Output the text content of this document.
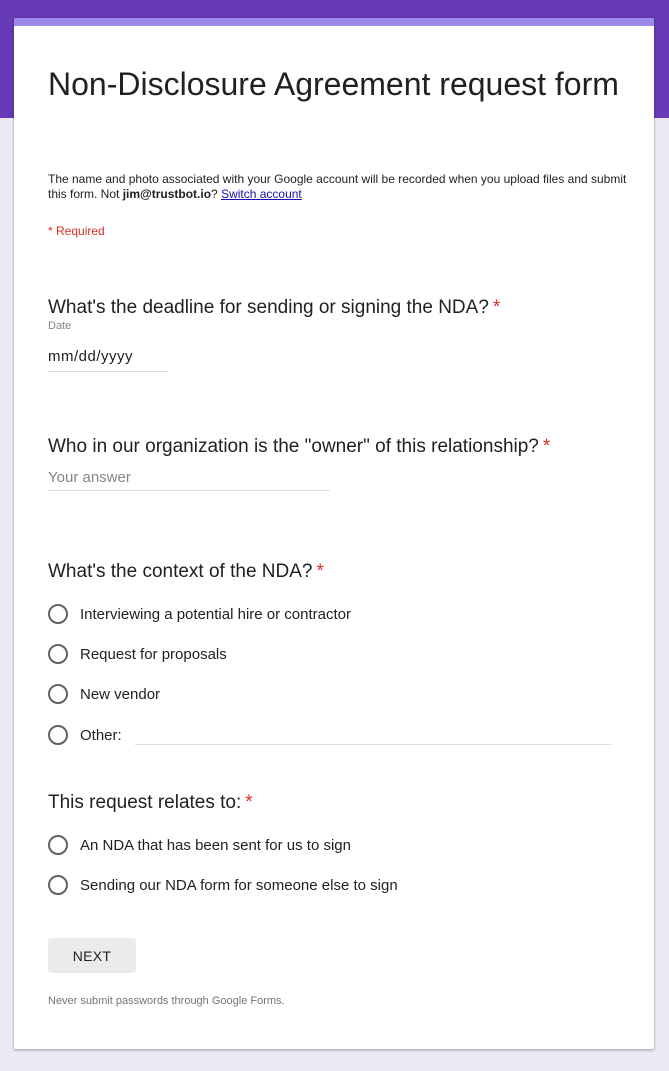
Non-Disclosure Agreement request form
The name and photo associated with your Google account will be recorded when you upload files and submit this form. Not jim@trustbot.io? Switch account
* Required
What's the deadline for sending or signing the NDA? *
Date
mm/dd/yyyy
Who in our organization is the "owner" of this relationship? *
Your answer
What's the context of the NDA? *
Interviewing a potential hire or contractor
Request for proposals
New vendor
Other:
This request relates to: *
An NDA that has been sent for us to sign
Sending our NDA form for someone else to sign
NEXT
Never submit passwords through Google Forms.
